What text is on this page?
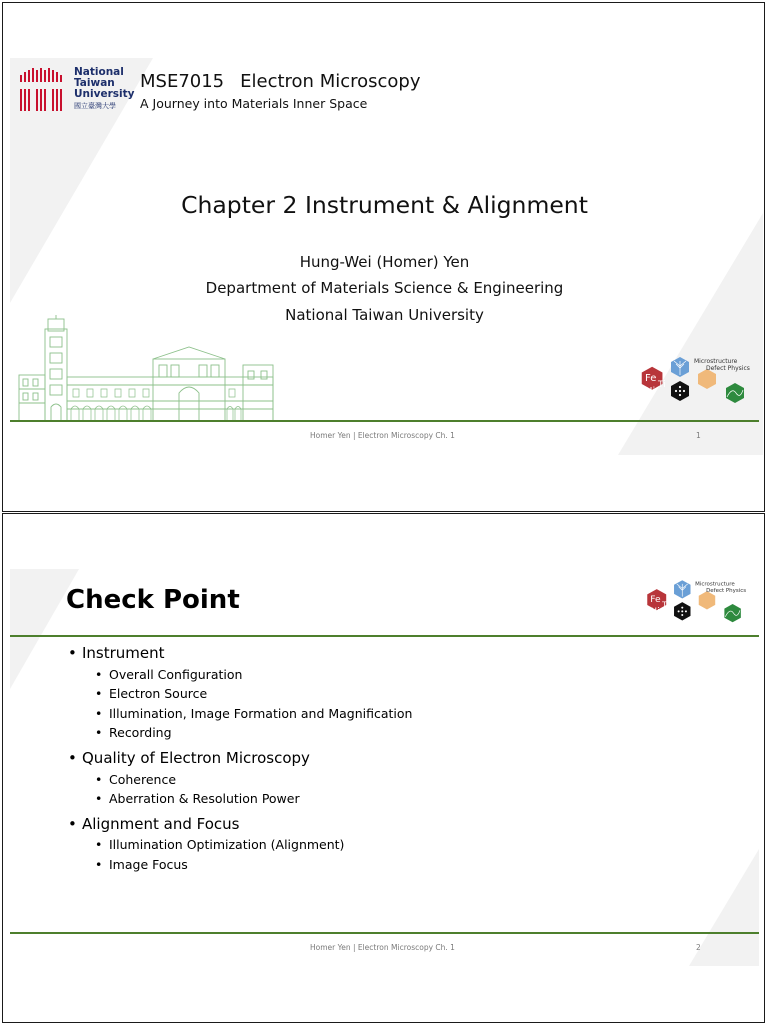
National
Taiwan
University
國立臺灣大學
MSE7015 Electron Microscopy
A Journey into Materials Inner Space
Chapter 2 Instrument & Alignment
Hung-Wei (Homer) Yen
Department of Materials Science & Engineering
National Taiwan University
Fe
Ni
Ti
Microstructure
Defect Physics
Homer Yen | Electron Microscopy Ch. 1	1
Check Point	Fe
Ni
Ti
Microstructure
Defect Physics
• Instrument
• Overall Configuration
• Electron Source
• Illumination, Image Formation and Magnification
• Recording
• Quality of Electron Microscopy
• Coherence
• Aberration & Resolution Power
• Alignment and Focus
• Illumination Optimization (Alignment)
• Image Focus
Homer Yen | Electron Microscopy Ch. 1	2
